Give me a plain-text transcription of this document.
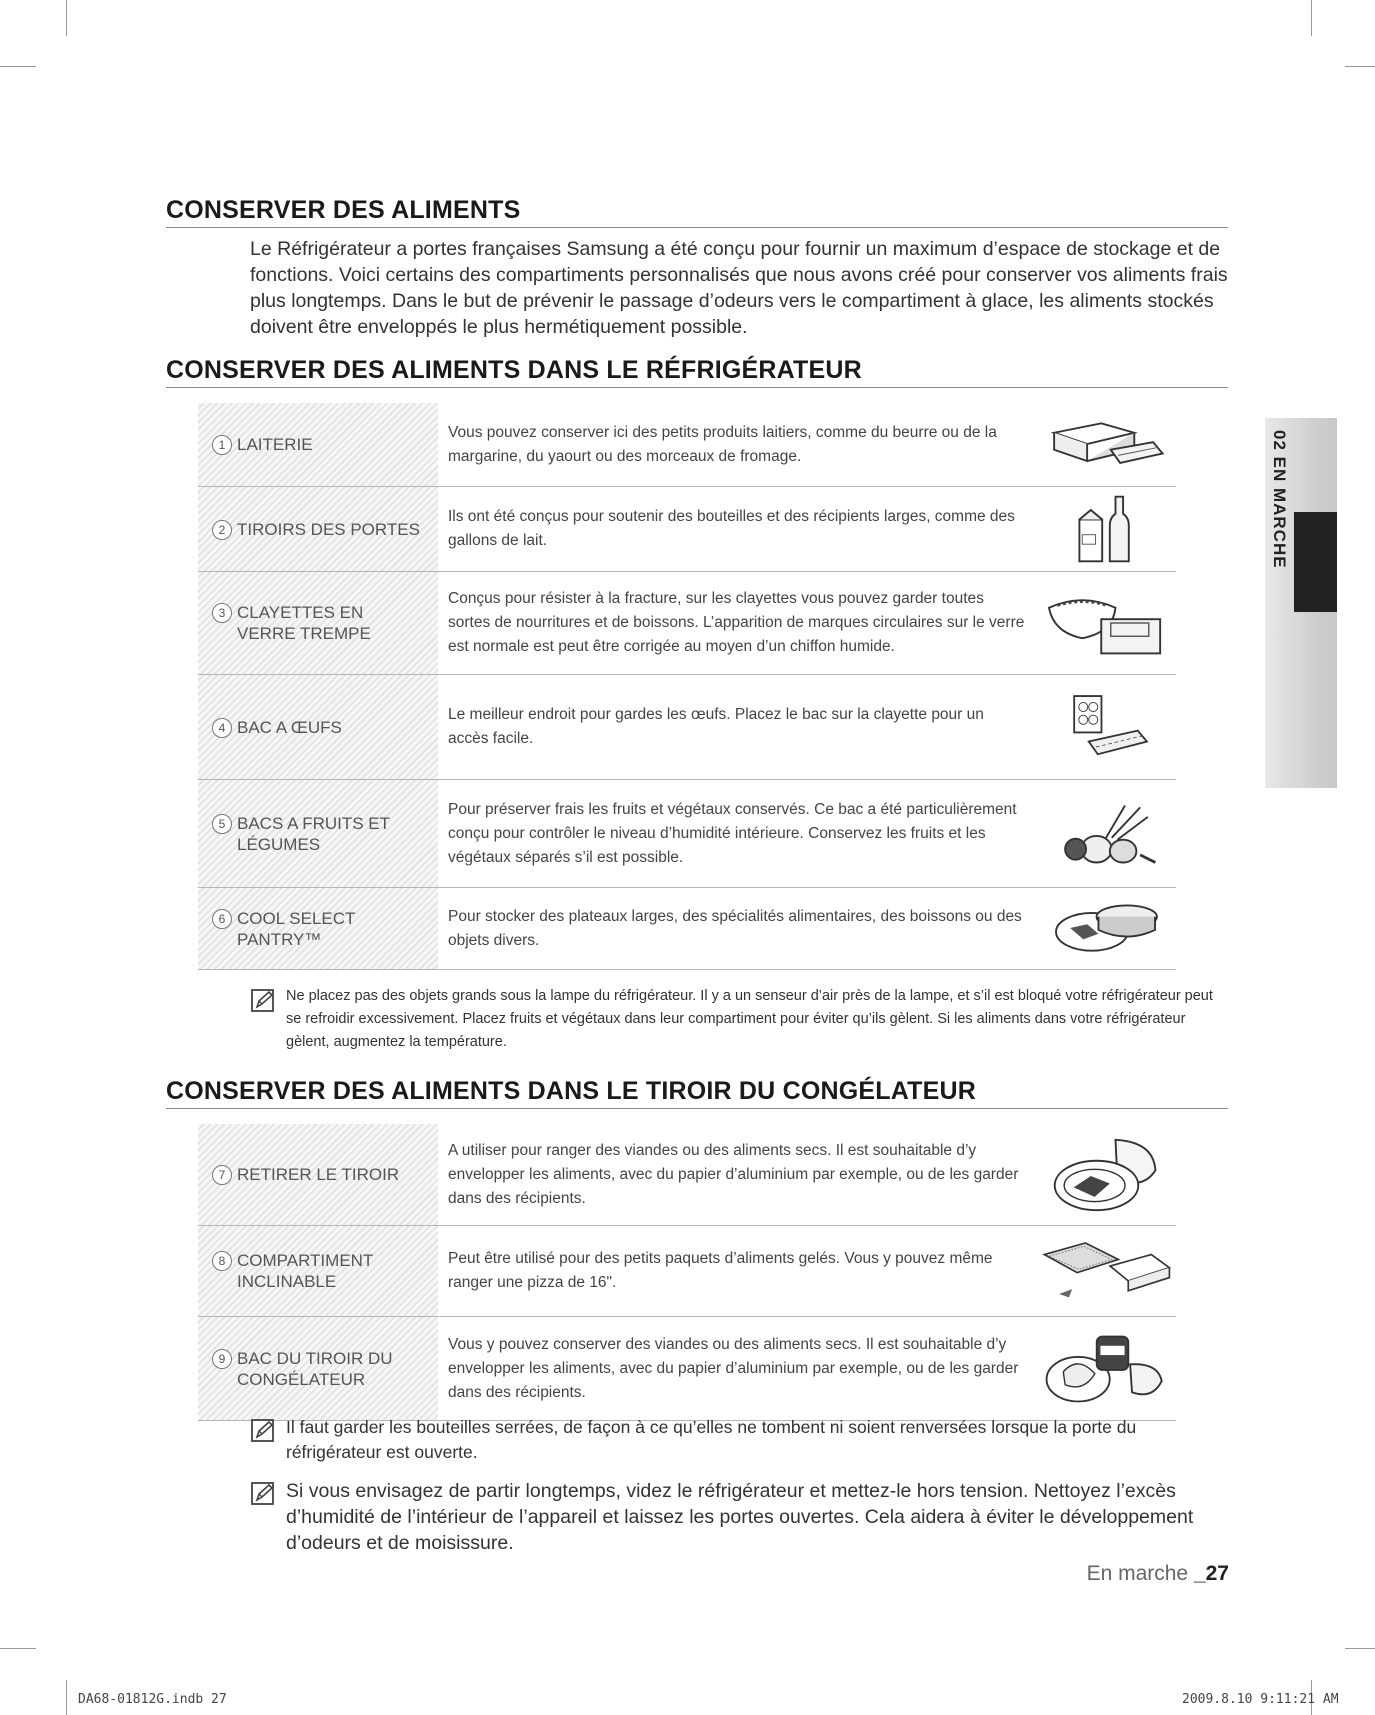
CONSERVER DES ALIMENTS
Le Réfrigérateur a portes françaises Samsung a été conçu pour fournir un maximum d’espace de stockage et de fonctions. Voici certains des compartiments personnalisés que nous avons créé pour conserver vos aliments frais plus longtemps. Dans le but de prévenir le passage d’odeurs vers le compartiment à glace, les aliments stockés doivent être enveloppés le plus hermétiquement possible.
CONSERVER DES ALIMENTS DANS LE RÉFRIGÉRATEUR
1 LAITERIE
Vous pouvez conserver ici des petits produits laitiers, comme du beurre ou de la margarine, du yaourt ou des morceaux de fromage.
2 TIROIRS DES PORTES
Ils ont été conçus pour soutenir des bouteilles et des récipients larges, comme des gallons de lait.
3 CLAYETTES EN VERRE TREMPE
Conçus pour résister à la fracture, sur les clayettes vous pouvez garder toutes sortes de nourritures et de boissons. L’apparition de marques circulaires sur le verre est normale est peut être corrigée au moyen d’un chiffon humide.
4 BAC A ŒUFS
Le meilleur endroit pour gardes les œufs. Placez le bac sur la clayette pour un accès facile.
5 BACS A FRUITS ET LÉGUMES
Pour préserver frais les fruits et végétaux conservés. Ce bac a été particulièrement conçu pour contrôler le niveau d’humidité intérieure. Conservez les fruits et les végétaux séparés s’il est possible.
6 COOL SELECT PANTRY™
Pour stocker des plateaux larges, des spécialités alimentaires, des boissons ou des objets divers.
Ne placez pas des objets grands sous la lampe du réfrigérateur. Il y a un senseur d’air près de la lampe, et s’il est bloqué votre réfrigérateur peut se refroidir excessivement. Placez fruits et végétaux dans leur compartiment pour éviter qu’ils gèlent. Si les aliments dans votre réfrigérateur gèlent, augmentez la température.
CONSERVER DES ALIMENTS DANS LE TIROIR DU CONGÉLATEUR
7 RETIRER LE TIROIR
A utiliser pour ranger des viandes ou des aliments secs. Il est souhaitable d’y envelopper les aliments, avec du papier d’aluminium par exemple, ou de les garder dans des récipients.
8 COMPARTIMENT INCLINABLE
Peut être utilisé pour des petits paquets d’aliments gelés. Vous y pouvez même ranger une pizza de 16".
9 BAC DU TIROIR DU CONGÉLATEUR
Vous y pouvez conserver des viandes ou des aliments secs. Il est souhaitable d’y envelopper les aliments, avec du papier d’aluminium par exemple, ou de les garder dans des récipients.
Il faut garder les bouteilles serrées, de façon à ce qu’elles ne tombent ni soient renversées lorsque la porte du réfrigérateur est ouverte.
Si vous envisagez de partir longtemps, videz le réfrigérateur et mettez-le hors tension. Nettoyez l’excès d’humidité de l’intérieur de l’appareil et laissez les portes ouvertes. Cela aidera à éviter le développement d’odeurs et de moisissure.
02 EN MARCHE
En marche _27
DA68-01812G.indb 27	2009.8.10 9:11:21 AM
